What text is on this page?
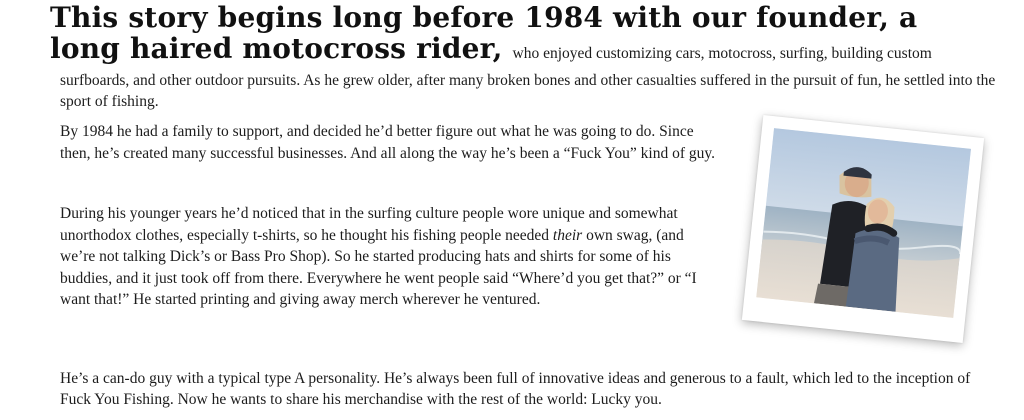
This story begins long before 1984 with our founder, a
long haired motocross rider, who enjoyed customizing cars, motocross, surfing, building custom
surfboards, and other outdoor pursuits. As he grew older, after many broken bones and other casualties suffered in the pursuit of fun, he settled into the sport of fishing.

By 1984 he had a family to support, and decided he’d better figure out what he was going to do. Since then, he’s created many successful businesses. And all along the way he’s been a “Fuck You” kind of guy.

During his younger years he’d noticed that in the surfing culture people wore unique and somewhat unorthodox clothes, especially t-shirts, so he thought his fishing people needed their own swag, (and we’re not talking Dick’s or Bass Pro Shop). So he started producing hats and shirts for some of his buddies, and it just took off from there. Everywhere he went people said “Where’d you get that?” or “I want that!” He started printing and giving away merch wherever he ventured.

He’s a can-do guy with a typical type A personality. He’s always been full of innovative ideas and generous to a fault, which led to the inception of Fuck You Fishing. Now he wants to share his merchandise with the rest of the world: Lucky you.
